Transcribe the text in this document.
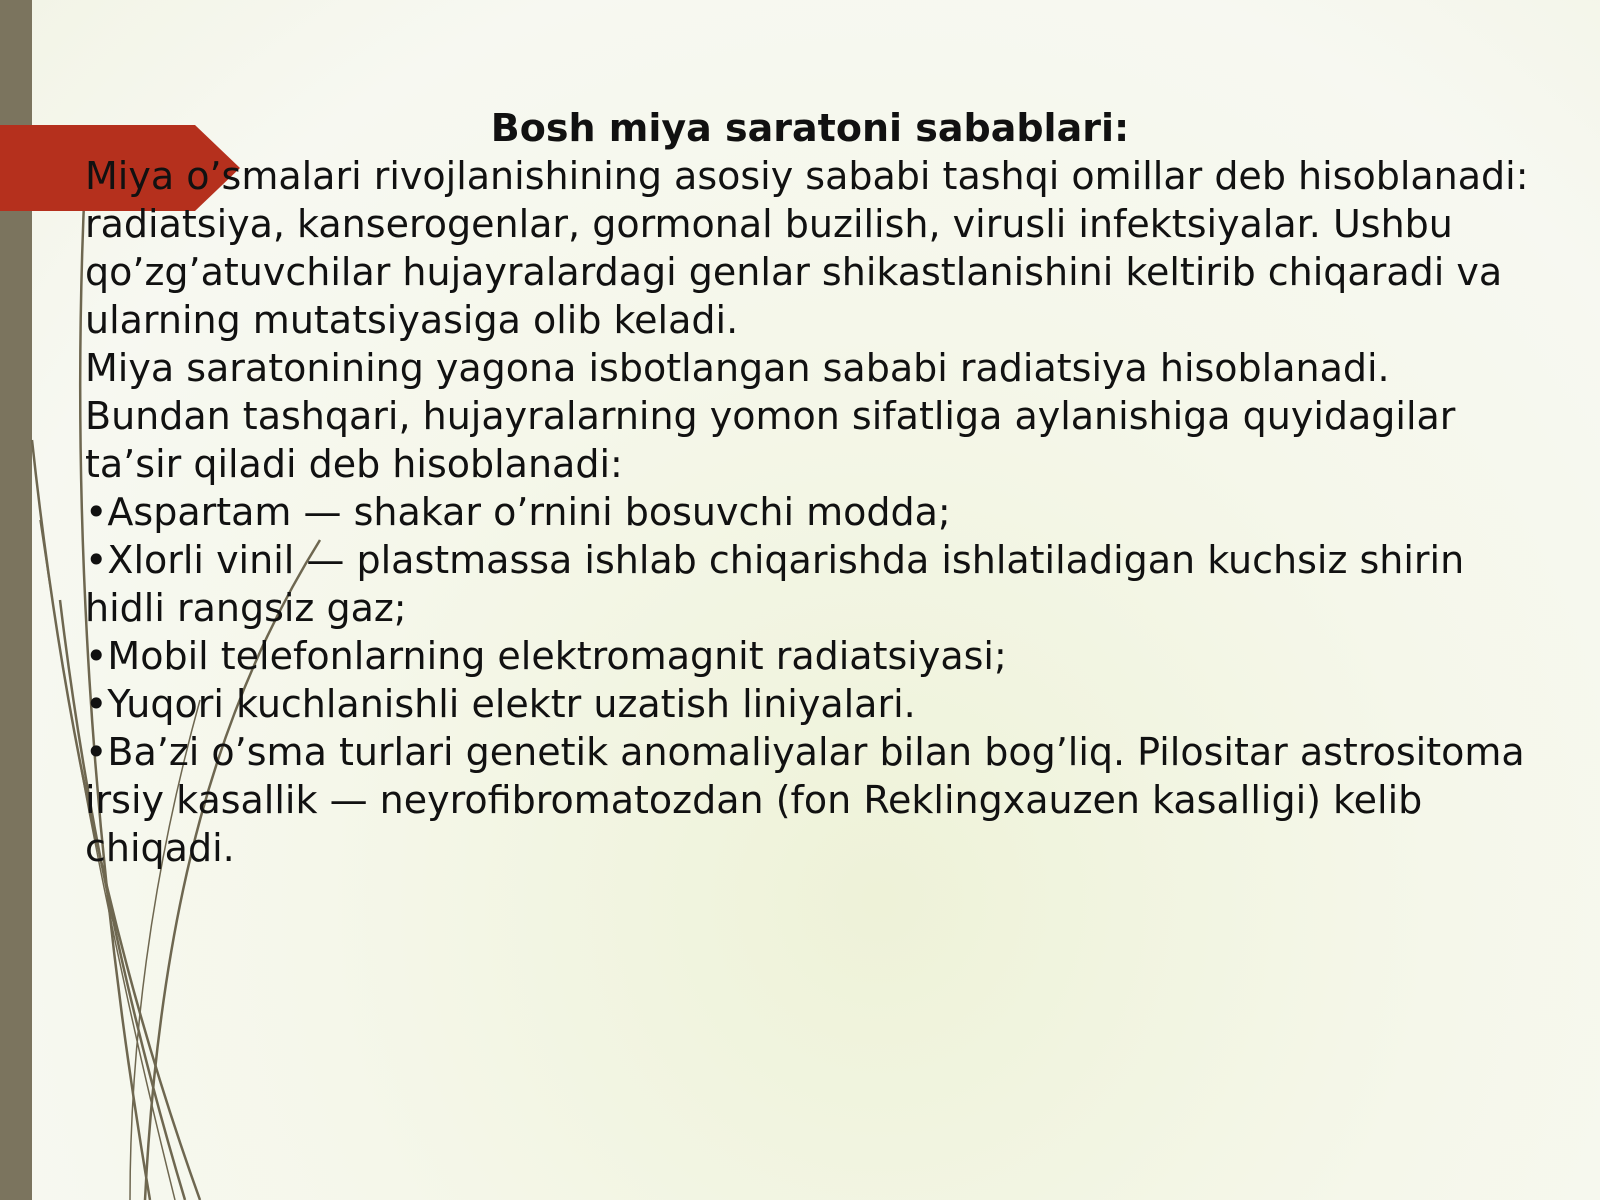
Bosh miya saratoni sabablari:

Miya o’smalari rivojlanishining asosiy sababi tashqi omillar deb hisoblanadi: radiatsiya, kanserogenlar, gormonal buzilish, virusli infektsiyalar. Ushbu qo’zg’atuvchilar hujayralardagi genlar shikastlanishini keltirib chiqaradi va ularning mutatsiyasiga olib keladi.

Miya saratonining yagona isbotlangan sababi radiatsiya hisoblanadi. Bundan tashqari, hujayralarning yomon sifatliga aylanishiga quyidagilar ta’sir qiladi deb hisoblanadi:

•Aspartam — shakar o’rnini bosuvchi modda;

•Xlorli vinil — plastmassa ishlab chiqarishda ishlatiladigan kuchsiz shirin hidli rangsiz gaz;

•Mobil telefonlarning elektromagnit radiatsiyasi;

•Yuqori kuchlanishli elektr uzatish liniyalari.

•Ba’zi o’sma turlari genetik anomaliyalar bilan bog’liq. Pilositar astrositoma irsiy kasallik — neyrofibromatozdan (fon Reklingxauzen kasalligi) kelib chiqadi.
